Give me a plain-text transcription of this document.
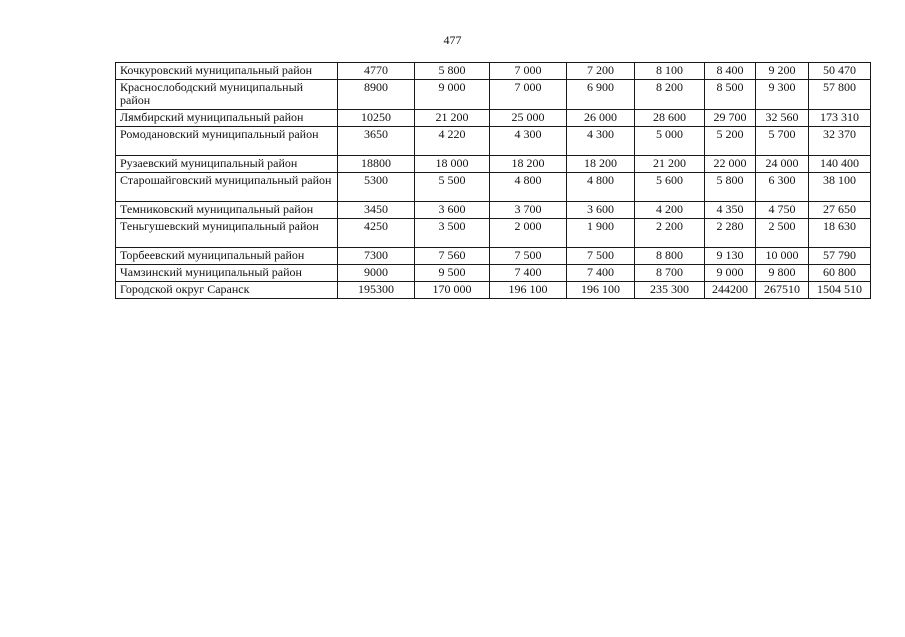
477
Кочкуровский муниципальный район	4770	5 800	7 000	7 200	8 100	8 400	9 200	50 470
Краснослободский муниципальный район	8900	9 000	7 000	6 900	8 200	8 500	9 300	57 800
Лямбирский муниципальный район	10250	21 200	25 000	26 000	28 600	29 700	32 560	173 310
Ромодановский муниципальный район	3650	4 220	4 300	4 300	5 000	5 200	5 700	32 370
Рузаевский муниципальный район	18800	18 000	18 200	18 200	21 200	22 000	24 000	140 400
Старошайговский муниципальный район	5300	5 500	4 800	4 800	5 600	5 800	6 300	38 100
Темниковский муниципальный район	3450	3 600	3 700	3 600	4 200	4 350	4 750	27 650
Теньгушевский муниципальный район	4250	3 500	2 000	1 900	2 200	2 280	2 500	18 630
Торбеевский муниципальный район	7300	7 560	7 500	7 500	8 800	9 130	10 000	57 790
Чамзинский муниципальный район	9000	9 500	7 400	7 400	8 700	9 000	9 800	60 800
Городской округ Саранск	195300	170 000	196 100	196 100	235 300	244200	267510	1504 510
